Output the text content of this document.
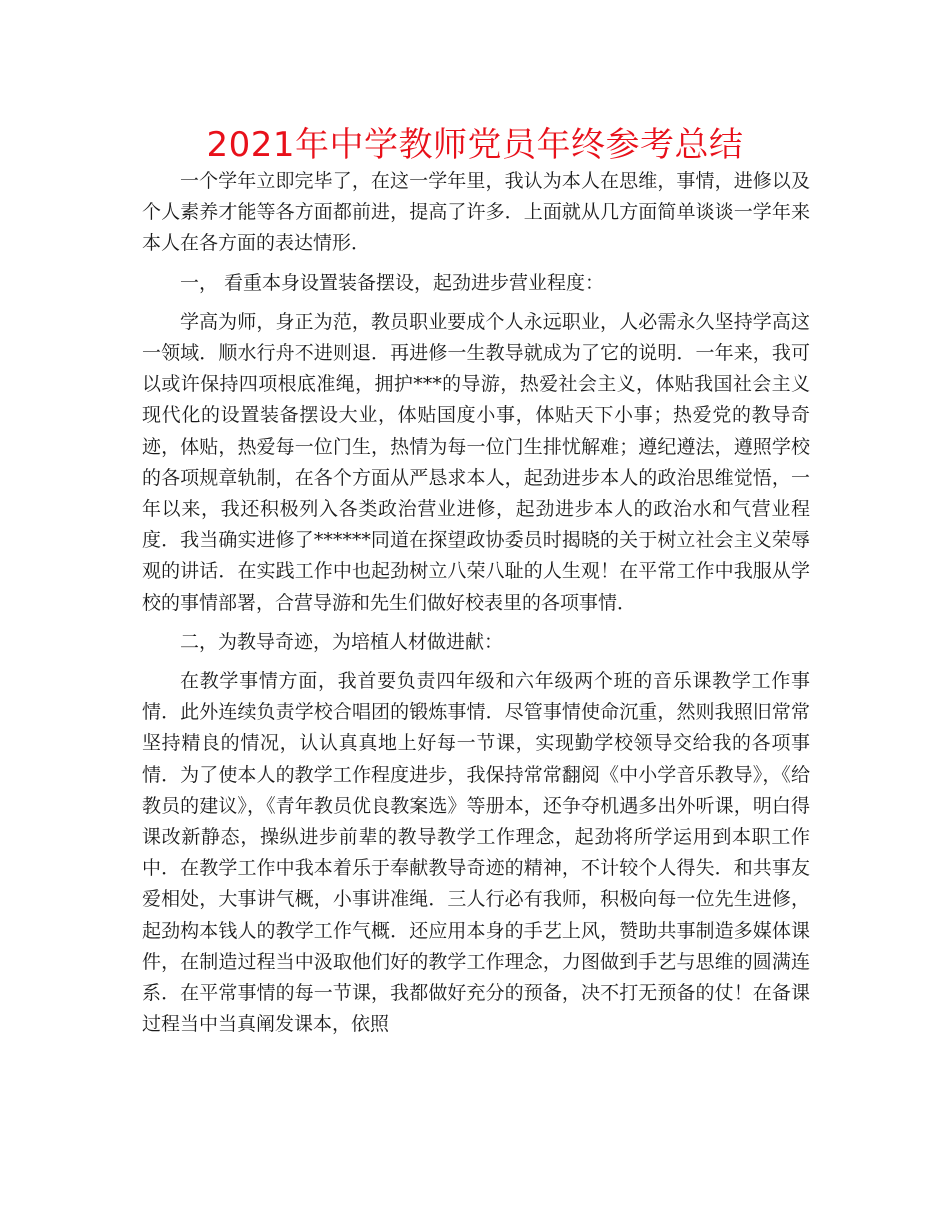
2021年中学教师党员年终参考总结

一个学年立即完毕了，在这一学年里，我认为本人在思维，事情，进修以及个人素养才能等各方面都前进，提高了许多．上面就从几方面简单谈谈一学年来本人在各方面的表达情形．

一， 看重本身设置装备摆设，起劲进步营业程度：

学高为师，身正为范，教员职业要成个人永远职业，人必需永久坚持学高这一领域．顺水行舟不进则退．再进修一生教导就成为了它的说明．一年来，我可以或许保持四项根底准绳，拥护***的导游，热爱社会主义，体贴我国社会主义现代化的设置装备摆设大业，体贴国度小事，体贴天下小事；热爱党的教导奇迹，体贴，热爱每一位门生，热情为每一位门生排忧解难；遵纪遵法，遵照学校的各项规章轨制，在各个方面从严恳求本人，起劲进步本人的政治思维觉悟，一年以来，我还积极列入各类政治营业进修，起劲进步本人的政治水和气营业程度．我当确实进修了******同道在探望政协委员时揭晓的关于树立社会主义荣辱观的讲话．在实践工作中也起劲树立八荣八耻的人生观！在平常工作中我服从学校的事情部署，合营导游和先生们做好校表里的各项事情．

二，为教导奇迹，为培植人材做进献：

在教学事情方面，我首要负责四年级和六年级两个班的音乐课教学工作事情．此外连续负责学校合唱团的锻炼事情．尽管事情使命沉重，然则我照旧常常坚持精良的情况，认认真真地上好每一节课，实现勤学校领导交给我的各项事情．为了使本人的教学工作程度进步，我保持常常翻阅《中小学音乐教导》，《给教员的建议》，《青年教员优良教案选》等册本，还争夺机遇多出外听课，明白得课改新静态，操纵进步前辈的教导教学工作理念，起劲将所学运用到本职工作中．在教学工作中我本着乐于奉献教导奇迹的精神，不计较个人得失．和共事友爱相处，大事讲气概，小事讲准绳．三人行必有我师，积极向每一位先生进修，起劲构本钱人的教学工作气概．还应用本身的手艺上风，赞助共事制造多媒体课件，在制造过程当中汲取他们好的教学工作理念，力图做到手艺与思维的圆满连系．在平常事情的每一节课，我都做好充分的预备，决不打无预备的仗！在备课过程当中当真阐发课本，依照
